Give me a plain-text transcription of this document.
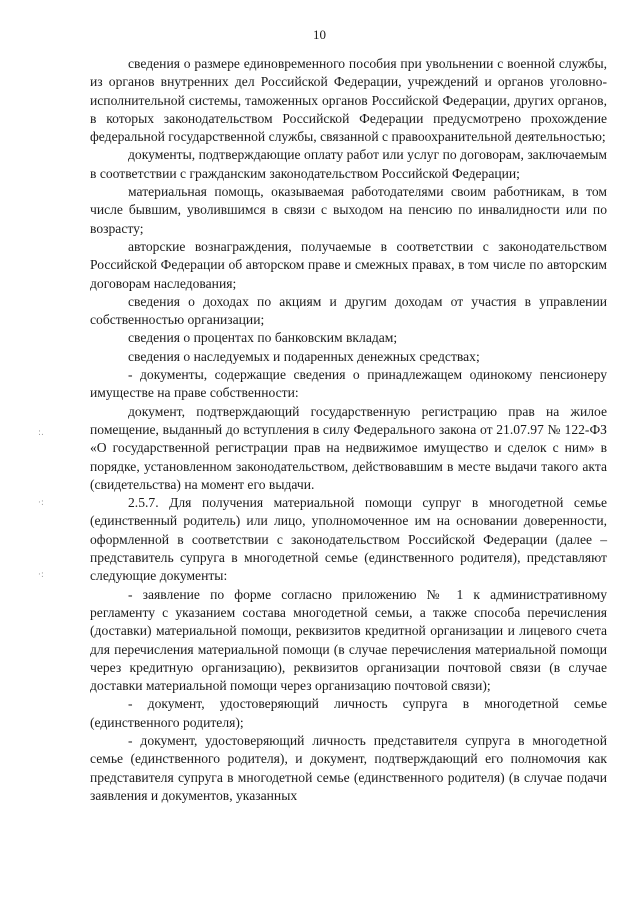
10
:.
·:
·:

сведения о размере единовременного пособия при увольнении с военной службы, из органов внутренних дел Российской Федерации, учреждений и органов уголовно-исполнительной системы, таможенных органов Российской Федерации, других органов, в которых законодательством Российской Федерации предусмотрено прохождение федеральной государственной службы, связанной с правоохранительной деятельностью;

документы, подтверждающие оплату работ или услуг по договорам, заключаемым в соответствии с гражданским законодательством Российской Федерации;

материальная помощь, оказываемая работодателями своим работникам, в том числе бывшим, уволившимся в связи с выходом на пенсию по инвалидности или по возрасту;

авторские вознаграждения, получаемые в соответствии с законодательством Российской Федерации об авторском праве и смежных правах, в том числе по авторским договорам наследования;

сведения о доходах по акциям и другим доходам от участия в управлении собственностью организации;

сведения о процентах по банковским вкладам;

сведения о наследуемых и подаренных денежных средствах;

- документы, содержащие сведения о принадлежащем одинокому пенсионеру имуществе на праве собственности:

документ, подтверждающий государственную регистрацию прав на жилое помещение, выданный до вступления в силу Федерального закона от 21.07.97 № 122-ФЗ «О государственной регистрации прав на недвижимое имущество и сделок с ним» в порядке, установленном законодательством, действовавшим в месте выдачи такого акта (свидетельства) на момент его выдачи.

2.5.7. Для получения материальной помощи супруг в многодетной семье (единственный родитель) или лицо, уполномоченное им на основании доверенности, оформленной в соответствии с законодательством Российской Федерации (далее – представитель супруга в многодетной семье (единственного родителя), представляют следующие документы:

- заявление по форме согласно приложению № 1 к административному регламенту с указанием состава многодетной семьи, а также способа перечисления (доставки) материальной помощи, реквизитов кредитной организации и лицевого счета для перечисления материальной помощи (в случае перечисления материальной помощи через кредитную организацию), реквизитов организации почтовой связи (в случае доставки материальной помощи через организацию почтовой связи);

- документ, удостоверяющий личность супруга в многодетной семье (единственного родителя);

- документ, удостоверяющий личность представителя супруга в многодетной семье (единственного родителя), и документ, подтверждающий его полномочия как представителя супруга в многодетной семье (единственного родителя) (в случае подачи заявления и документов, указанных
